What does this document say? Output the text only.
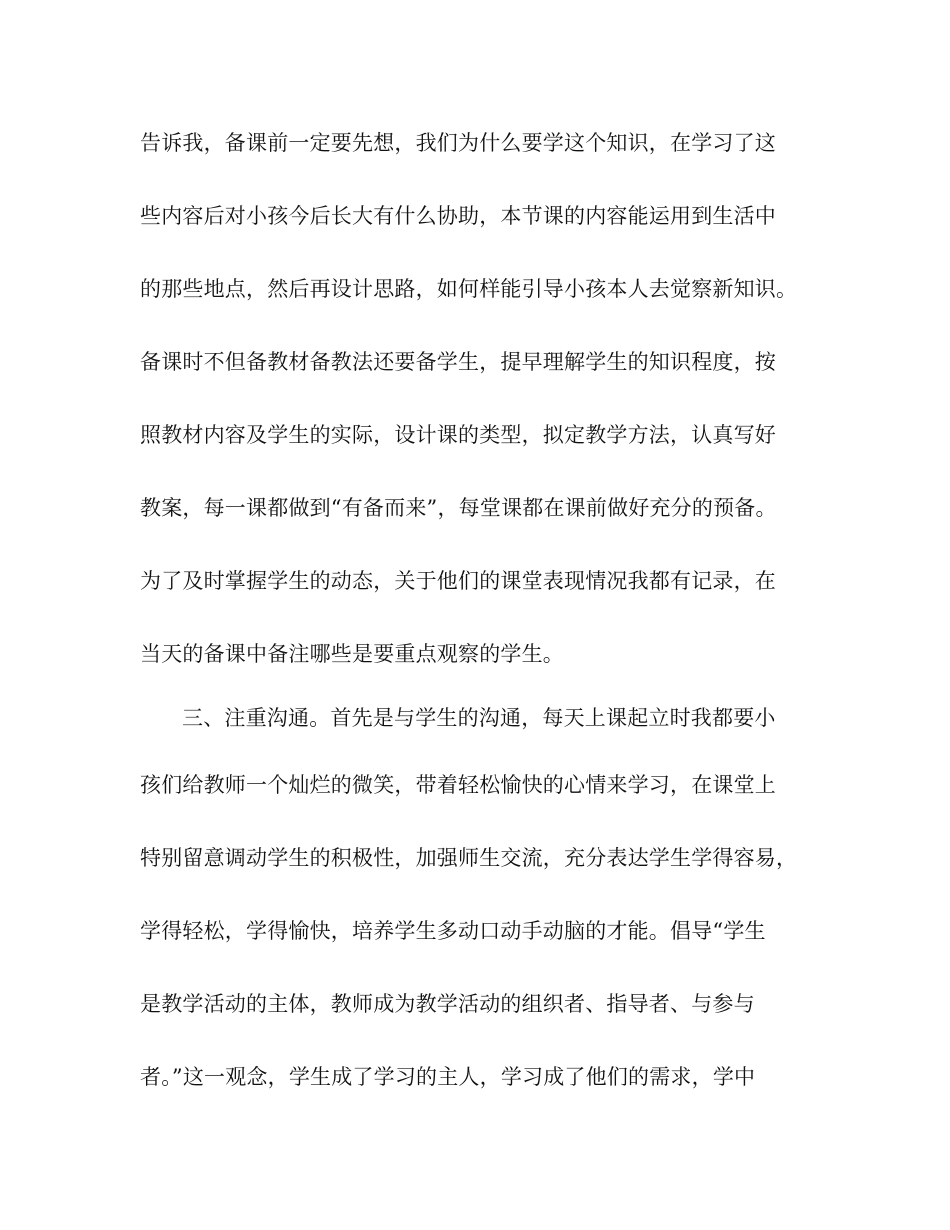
告诉我，备课前一定要先想，我们为什么要学这个知识，在学习了这

些内容后对小孩今后长大有什么协助，本节课的内容能运用到生活中

的那些地点，然后再设计思路，如何样能引导小孩本人去觉察新知识。

备课时不但备教材备教法还要备学生，提早理解学生的知识程度，按

照教材内容及学生的实际，设计课的类型，拟定教学方法，认真写好

教案，每一课都做到“有备而来”，每堂课都在课前做好充分的预备。

为了及时掌握学生的动态，关于他们的课堂表现情况我都有记录，在

当天的备课中备注哪些是要重点观察的学生。

三、注重沟通。首先是与学生的沟通，每天上课起立时我都要小

孩们给教师一个灿烂的微笑，带着轻松愉快的心情来学习，在课堂上

特别留意调动学生的积极性，加强师生交流，充分表达学生学得容易，

学得轻松，学得愉快，培养学生多动口动手动脑的才能。倡导“学生

是教学活动的主体，教师成为教学活动的组织者、指导者、与参与

者。”这一观念，学生成了学习的主人，学习成了他们的需求，学中
